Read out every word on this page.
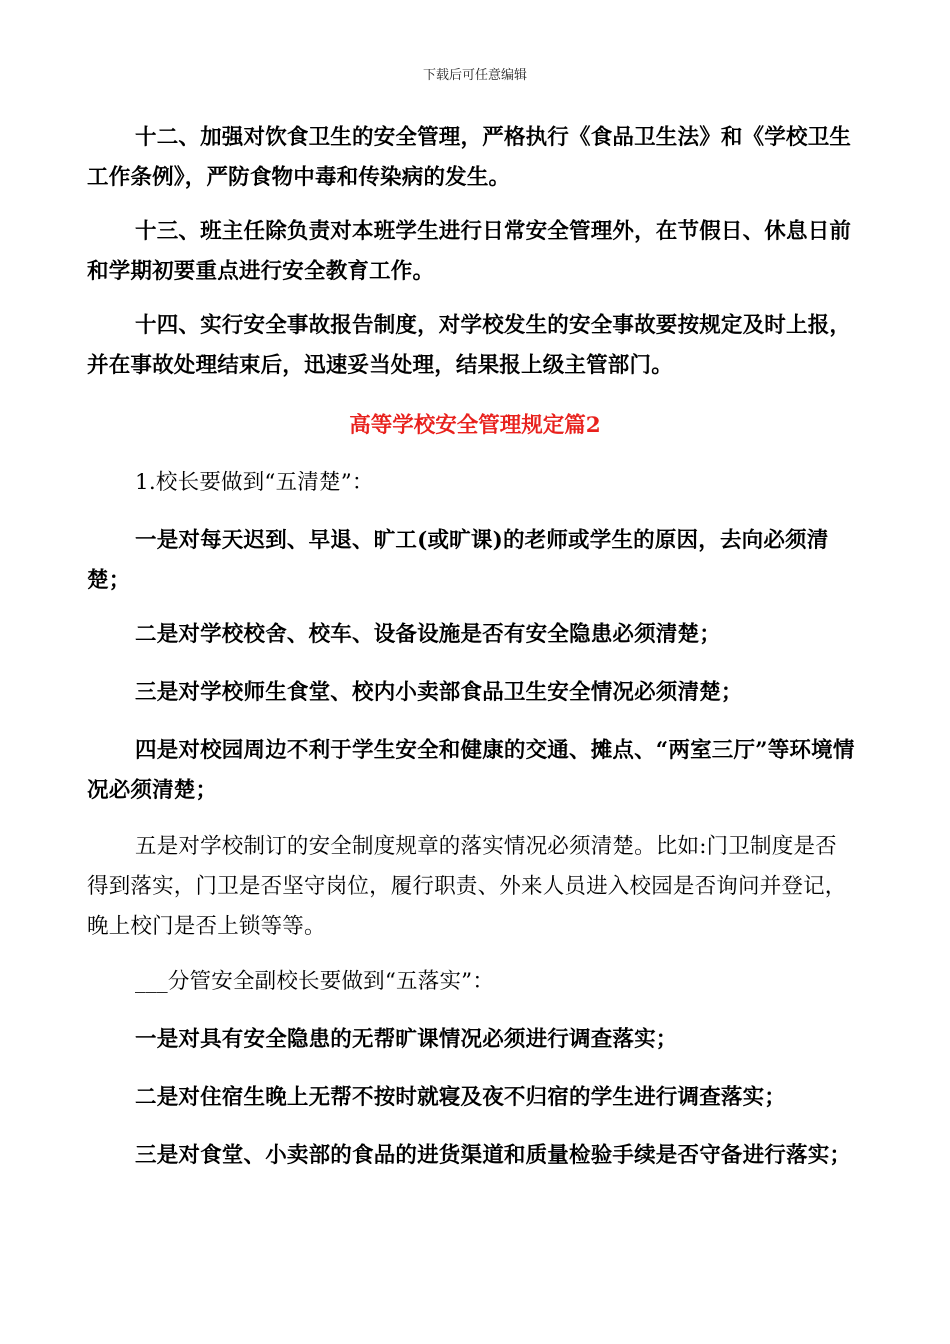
下载后可任意编辑

十二、加强对饮食卫生的安全管理，严格执行《食品卫生法》和《学校卫生工作条例》，严防食物中毒和传染病的发生。

十三、班主任除负责对本班学生进行日常安全管理外，在节假日、休息日前和学期初要重点进行安全教育工作。

十四、实行安全事故报告制度，对学校发生的安全事故要按规定及时上报，并在事故处理结束后，迅速妥当处理，结果报上级主管部门。

高等学校安全管理规定篇2

1.校长要做到“五清楚”：

一是对每天迟到、早退、旷工(或旷课)的老师或学生的原因，去向必须清楚；

二是对学校校舍、校车、设备设施是否有安全隐患必须清楚；

三是对学校师生食堂、校内小卖部食品卫生安全情况必须清楚；

四是对校园周边不利于学生安全和健康的交通、摊点、“两室三厅”等环境情况必须清楚；

五是对学校制订的安全制度规章的落实情况必须清楚。比如:门卫制度是否得到落实，门卫是否坚守岗位，履行职责、外来人员进入校园是否询问并登记，晚上校门是否上锁等等。

___分管安全副校长要做到“五落实”：

一是对具有安全隐患的无帮旷课情况必须进行调查落实；

二是对住宿生晚上无帮不按时就寝及夜不归宿的学生进行调查落实；

三是对食堂、小卖部的食品的进货渠道和质量检验手续是否守备进行落实；
